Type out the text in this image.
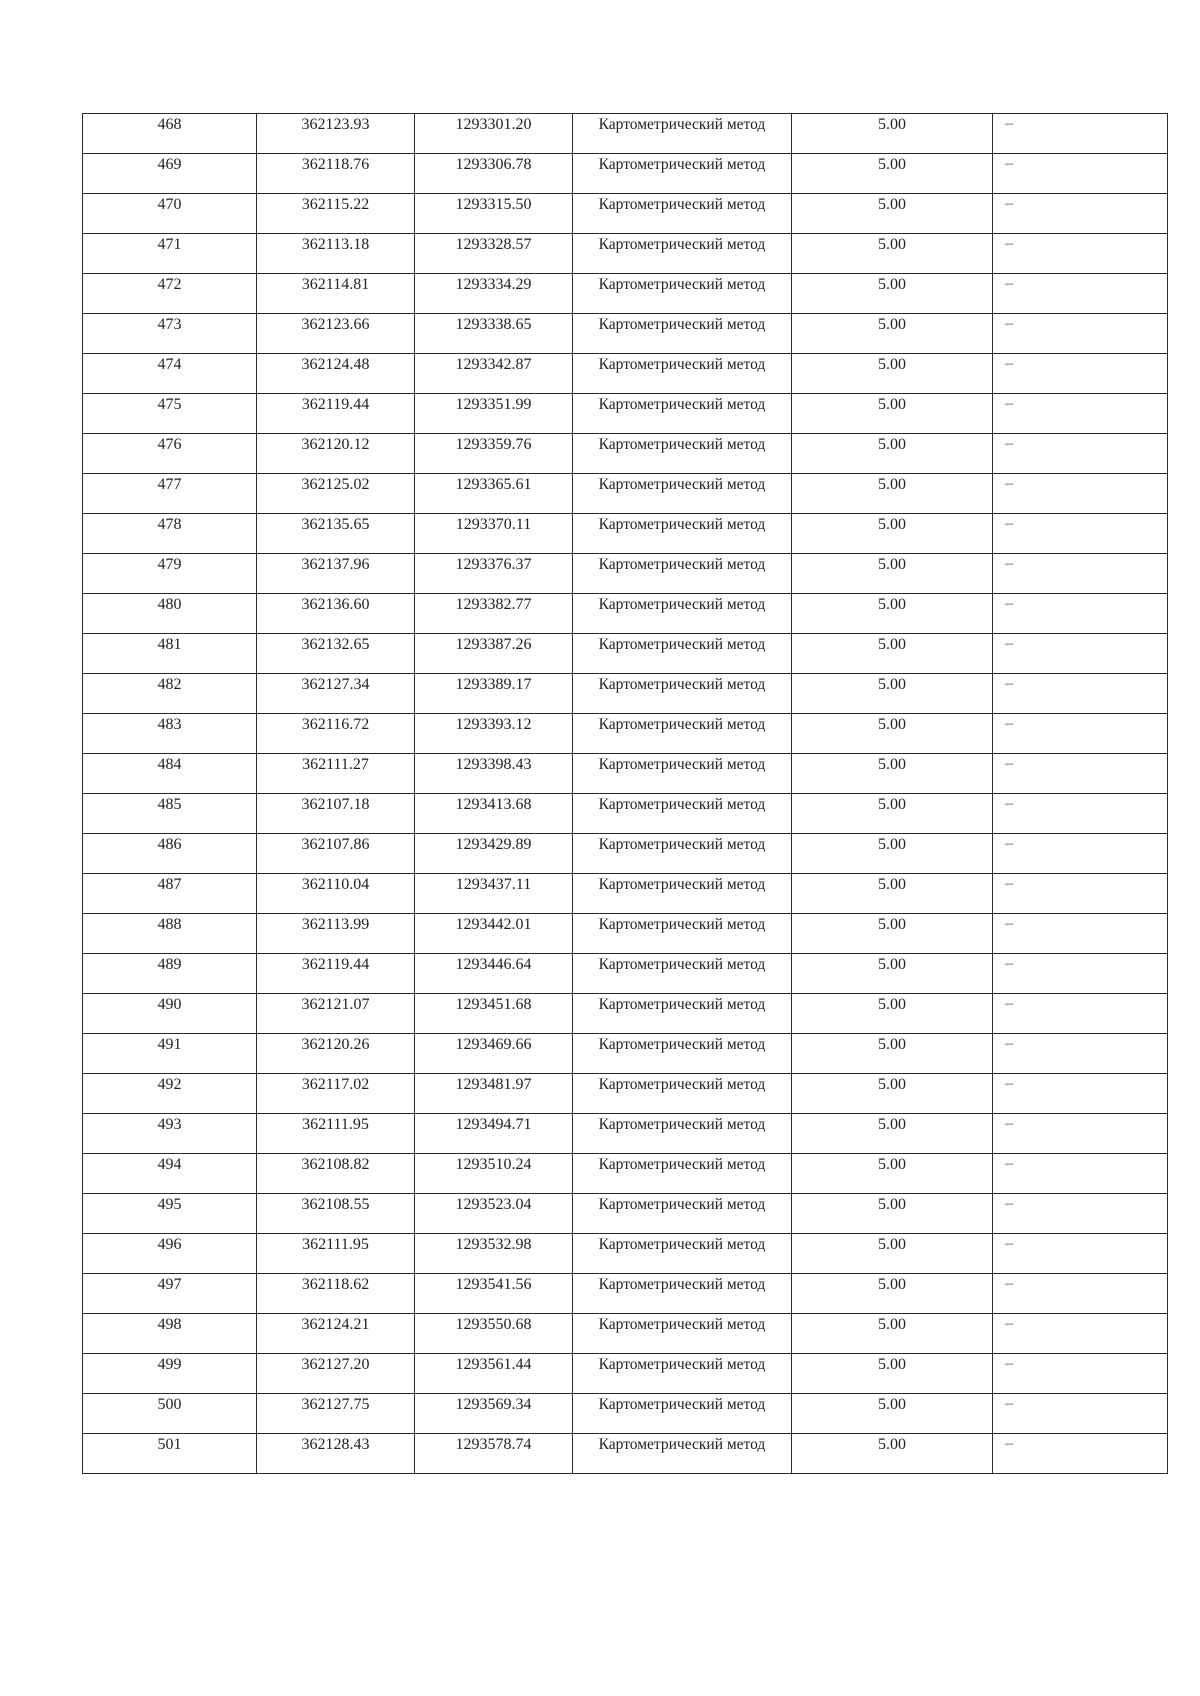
468	362123.93	1293301.20	Картометрический метод	5.00	–
469	362118.76	1293306.78	Картометрический метод	5.00	–
470	362115.22	1293315.50	Картометрический метод	5.00	–
471	362113.18	1293328.57	Картометрический метод	5.00	–
472	362114.81	1293334.29	Картометрический метод	5.00	–
473	362123.66	1293338.65	Картометрический метод	5.00	–
474	362124.48	1293342.87	Картометрический метод	5.00	–
475	362119.44	1293351.99	Картометрический метод	5.00	–
476	362120.12	1293359.76	Картометрический метод	5.00	–
477	362125.02	1293365.61	Картометрический метод	5.00	–
478	362135.65	1293370.11	Картометрический метод	5.00	–
479	362137.96	1293376.37	Картометрический метод	5.00	–
480	362136.60	1293382.77	Картометрический метод	5.00	–
481	362132.65	1293387.26	Картометрический метод	5.00	–
482	362127.34	1293389.17	Картометрический метод	5.00	–
483	362116.72	1293393.12	Картометрический метод	5.00	–
484	362111.27	1293398.43	Картометрический метод	5.00	–
485	362107.18	1293413.68	Картометрический метод	5.00	–
486	362107.86	1293429.89	Картометрический метод	5.00	–
487	362110.04	1293437.11	Картометрический метод	5.00	–
488	362113.99	1293442.01	Картометрический метод	5.00	–
489	362119.44	1293446.64	Картометрический метод	5.00	–
490	362121.07	1293451.68	Картометрический метод	5.00	–
491	362120.26	1293469.66	Картометрический метод	5.00	–
492	362117.02	1293481.97	Картометрический метод	5.00	–
493	362111.95	1293494.71	Картометрический метод	5.00	–
494	362108.82	1293510.24	Картометрический метод	5.00	–
495	362108.55	1293523.04	Картометрический метод	5.00	–
496	362111.95	1293532.98	Картометрический метод	5.00	–
497	362118.62	1293541.56	Картометрический метод	5.00	–
498	362124.21	1293550.68	Картометрический метод	5.00	–
499	362127.20	1293561.44	Картометрический метод	5.00	–
500	362127.75	1293569.34	Картометрический метод	5.00	–
501	362128.43	1293578.74	Картометрический метод	5.00	–
